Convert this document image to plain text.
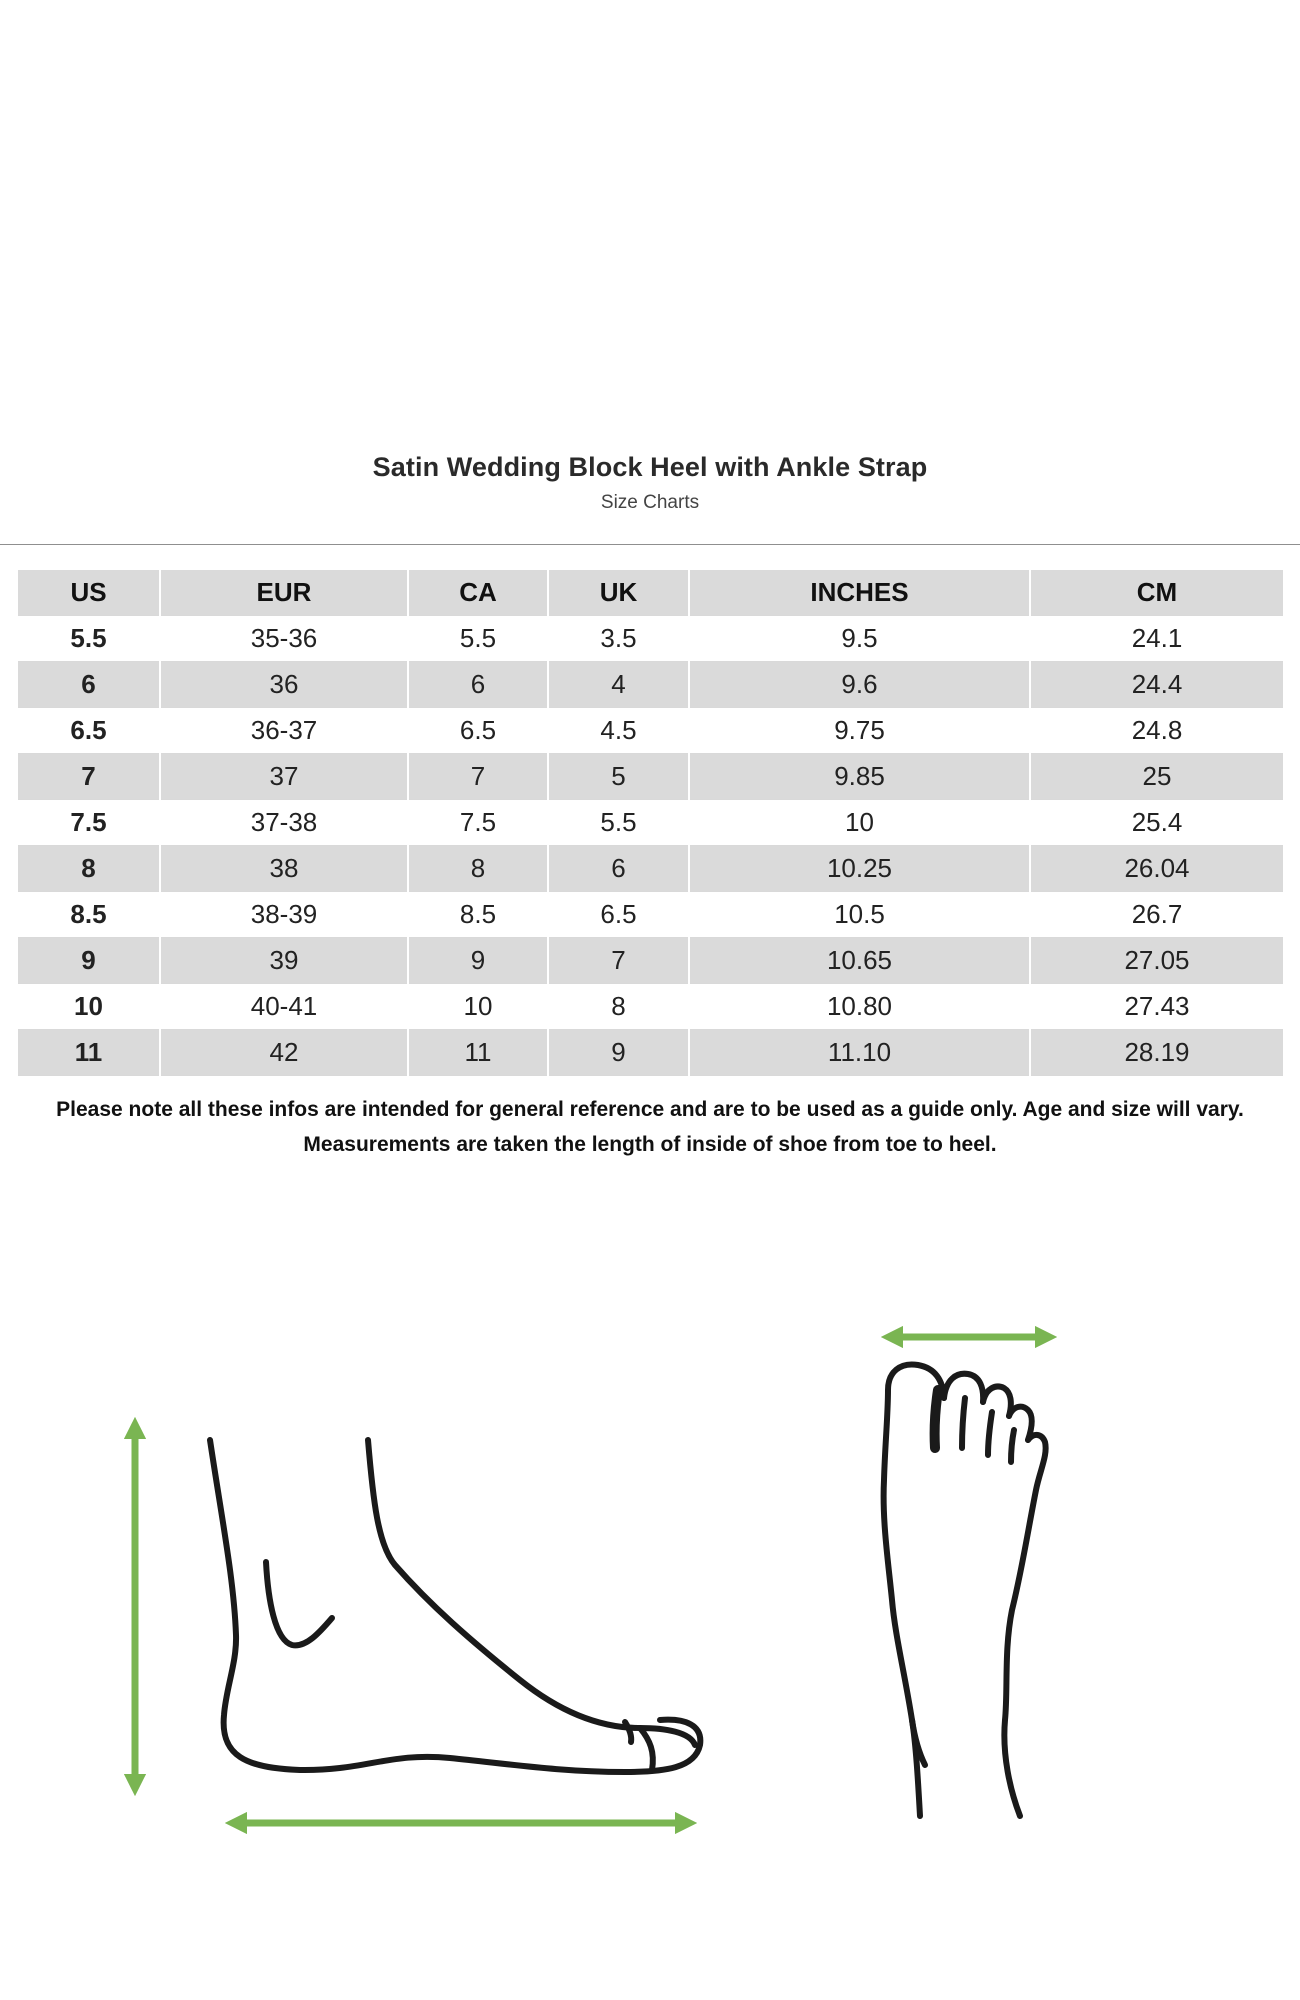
Satin Wedding Block Heel with Ankle Strap
Size Charts
US	EUR	CA	UK	INCHES	CM
5.5	35-36	5.5	3.5	9.5	24.1
6	36	6	4	9.6	24.4
6.5	36-37	6.5	4.5	9.75	24.8
7	37	7	5	9.85	25
7.5	37-38	7.5	5.5	10	25.4
8	38	8	6	10.25	26.04
8.5	38-39	8.5	6.5	10.5	26.7
9	39	9	7	10.65	27.05
10	40-41	10	8	10.80	27.43
11	42	11	9	11.10	28.19
Please note all these infos are intended for general reference and are to be used as a guide only. Age and size will vary.
Measurements are taken the length of inside of shoe from toe to heel.
